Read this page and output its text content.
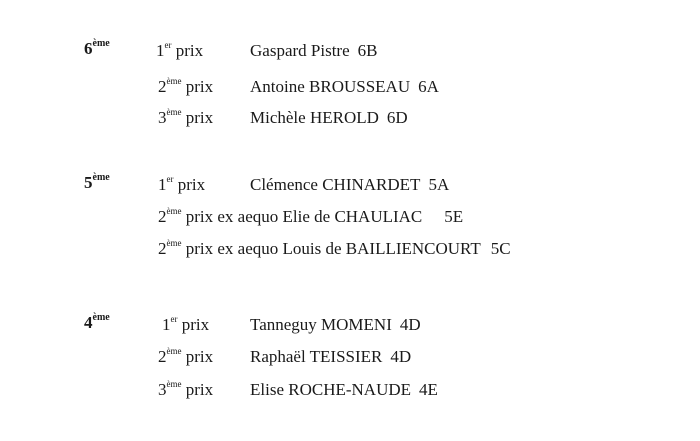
6ème	1er prix	Gaspard Pistre 6B
2ème prix Antoine BROUSSEAU 6A
3ème prix Michèle HEROLD 6D
5ème	1er prix	Clémence CHINARDET 5A
2ème prix ex aequo Elie de CHAULIAC 5E
2ème prix ex aequo Louis de BAILLIENCOURT 5C
4ème	1er prix Tanneguy MOMENI 4D
2ème prix Raphaël TEISSIER 4D
3ème prix Elise ROCHE-NAUDE 4E
